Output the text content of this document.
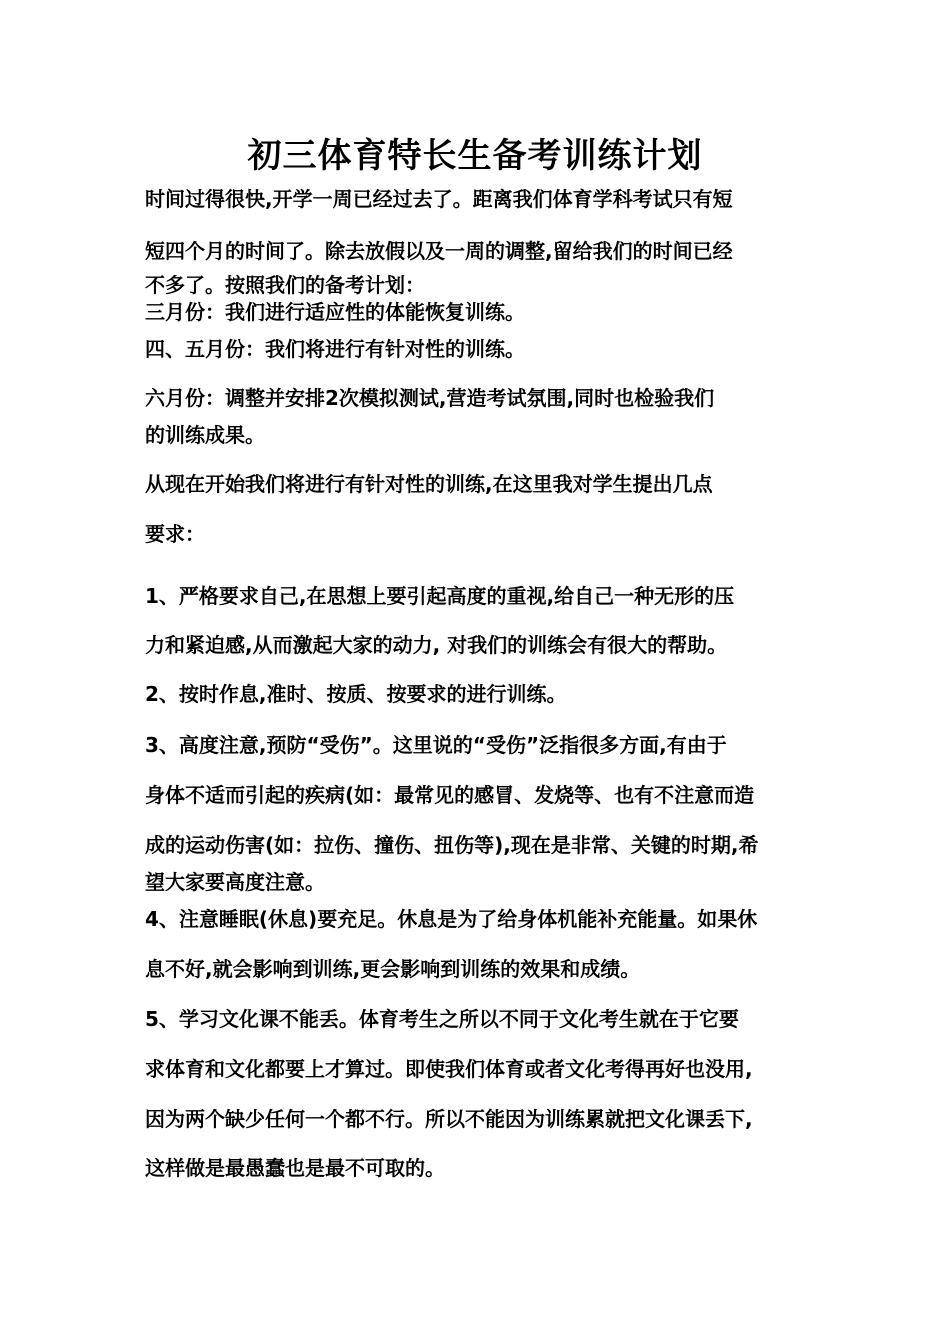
初三体育特长生备考训练计划
时间过得很快,开学一周已经过去了。距离我们体育学科考试只有短
短四个月的时间了。除去放假以及一周的调整,留给我们的时间已经
不多了。按照我们的备考计划：
三月份：我们进行适应性的体能恢复训练。
四、五月份：我们将进行有针对性的训练。
六月份：调整并安排2次模拟测试,营造考试氛围,同时也检验我们
的训练成果。
从现在开始我们将进行有针对性的训练,在这里我对学生提出几点
要求：
1、严格要求自己,在思想上要引起高度的重视,给自己一种无形的压
力和紧迫感,从而激起大家的动力, 对我们的训练会有很大的帮助。
2、按时作息,准时、按质、按要求的进行训练。
3、高度注意,预防“受伤”。这里说的“受伤”泛指很多方面,有由于
身体不适而引起的疾病(如：最常见的感冒、发烧等、也有不注意而造
成的运动伤害(如：拉伤、撞伤、扭伤等),现在是非常、关键的时期,希
望大家要高度注意。
4、注意睡眠(休息)要充足。休息是为了给身体机能补充能量。如果休
息不好,就会影响到训练,更会影响到训练的效果和成绩。
5、学习文化课不能丢。体育考生之所以不同于文化考生就在于它要
求体育和文化都要上才算过。即使我们体育或者文化考得再好也没用,
因为两个缺少任何一个都不行。所以不能因为训练累就把文化课丢下,
这样做是最愚蠢也是最不可取的。
